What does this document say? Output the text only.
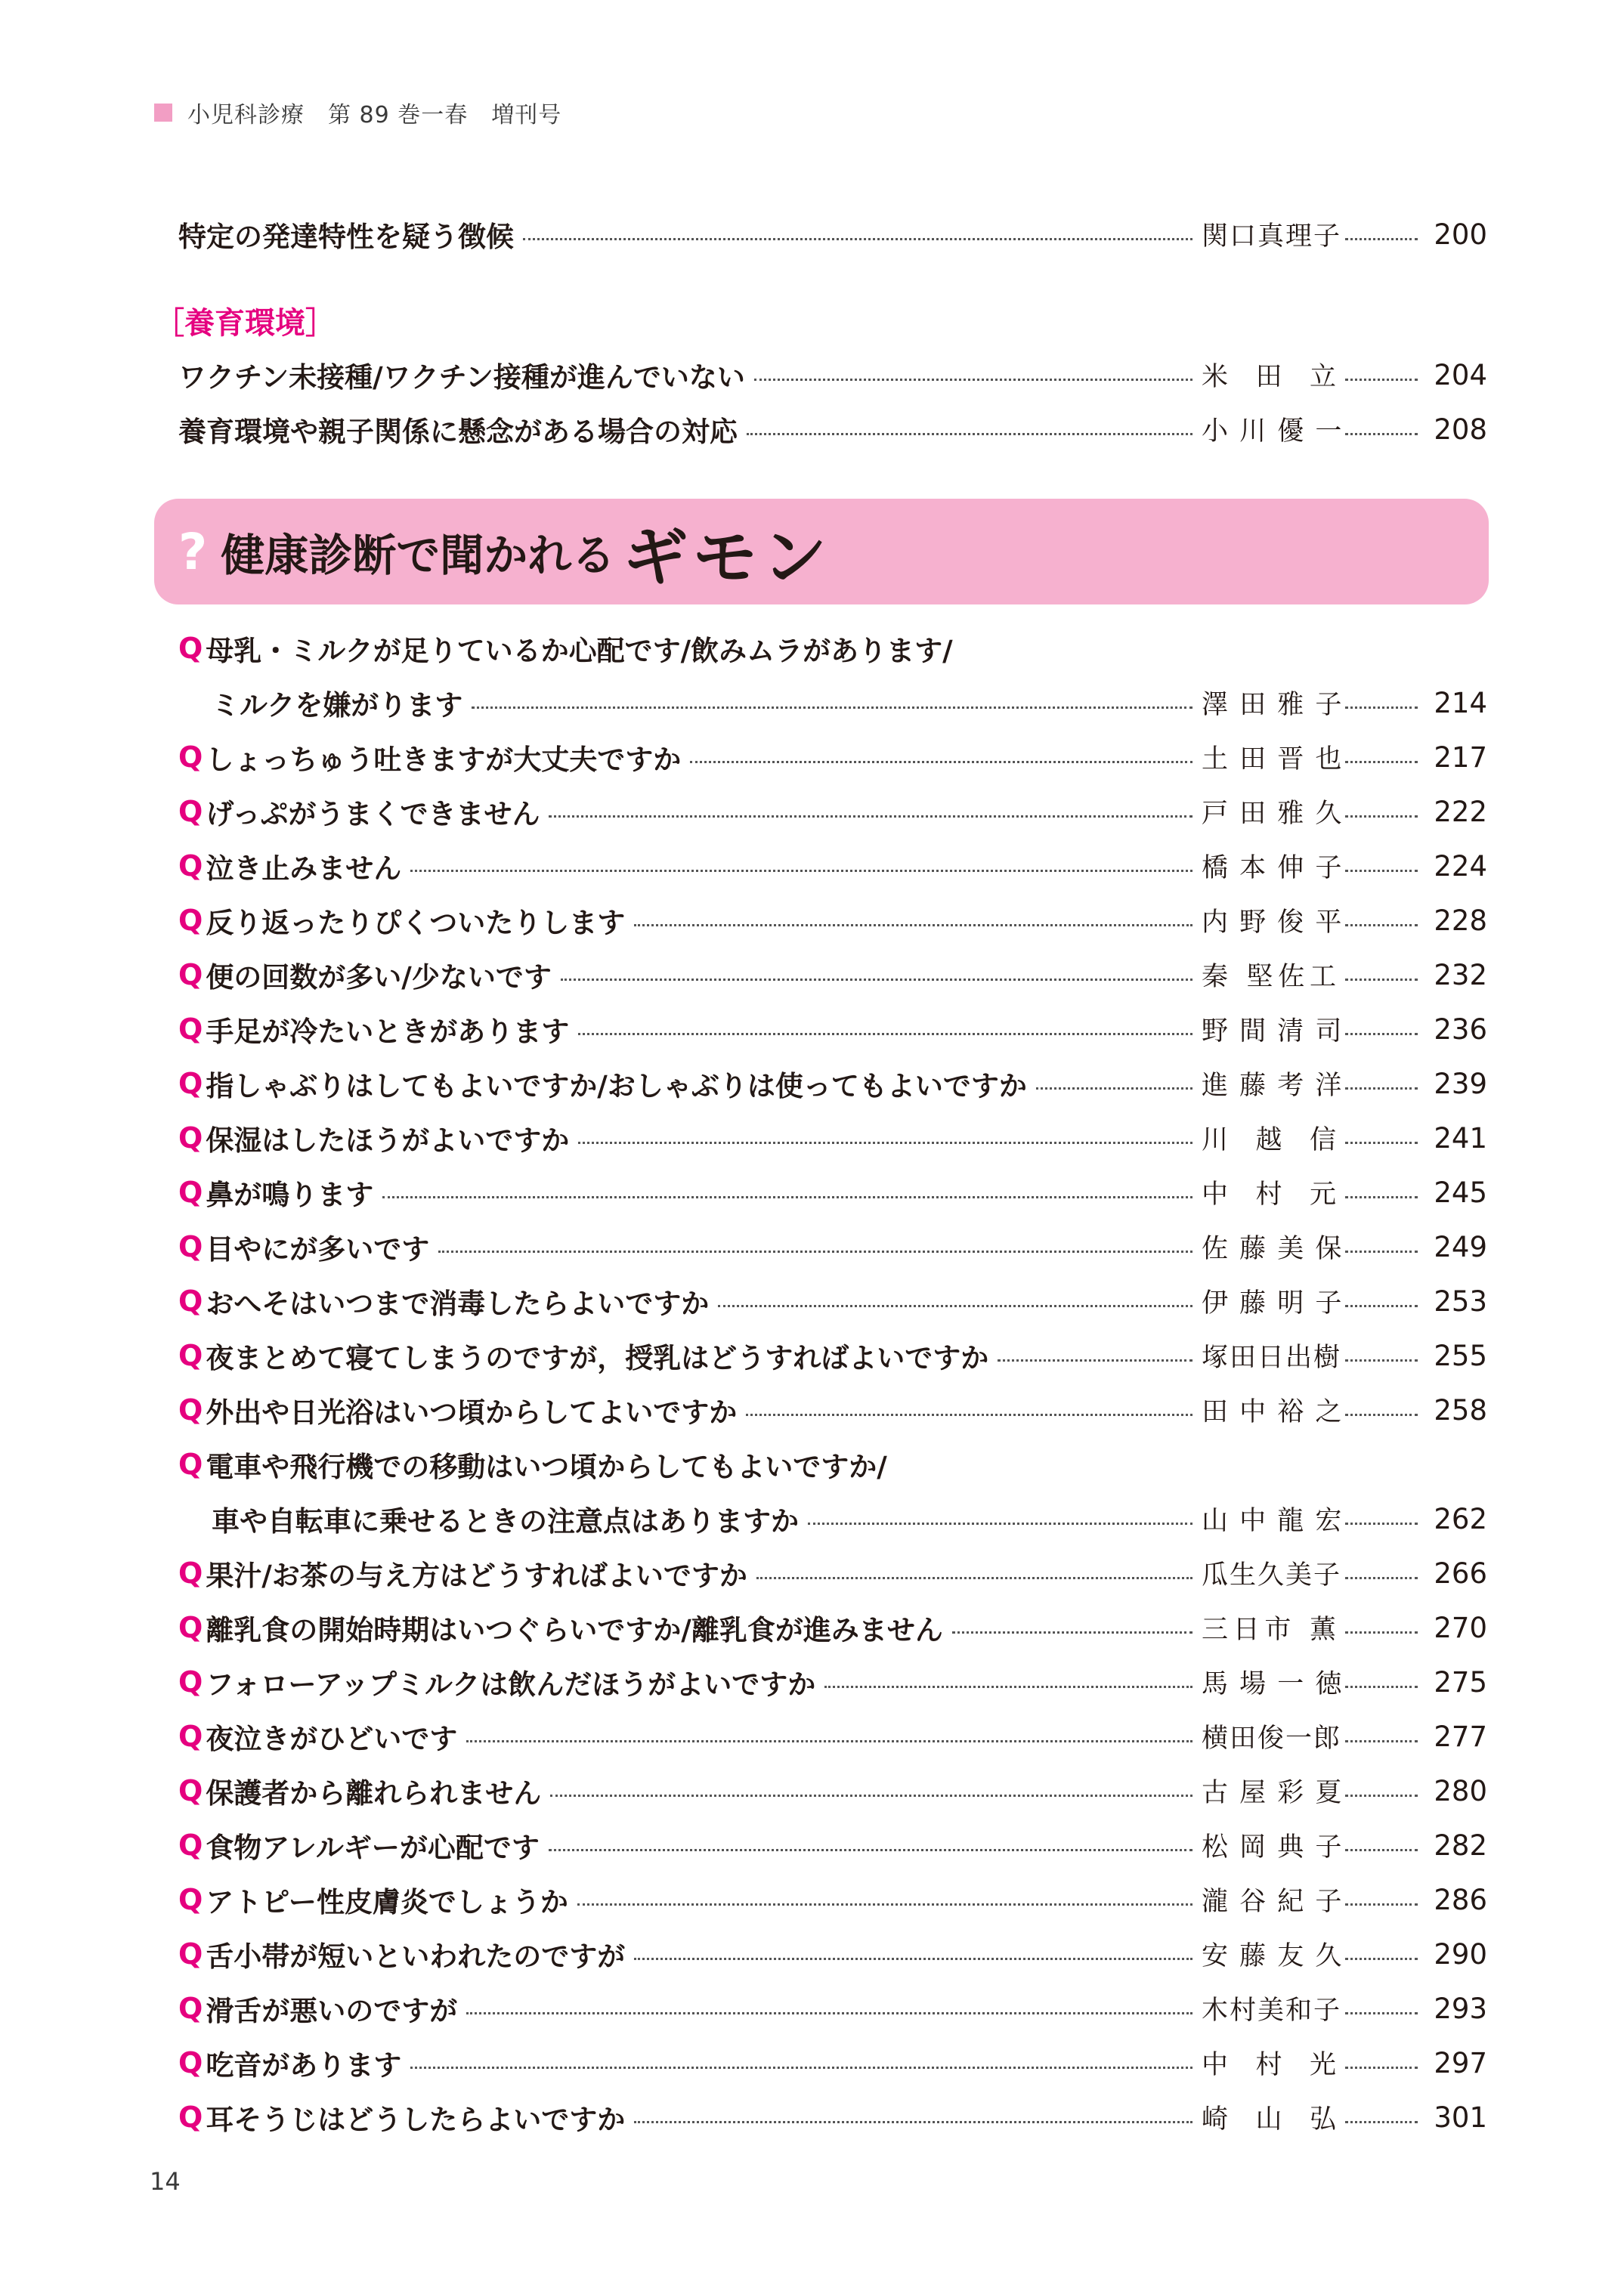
小児科診療　第 89 巻一春　増刊号
特定の発達特性を疑う徴候	関口真理子	200
［養育環境］
ワクチン未接種/ワクチン接種が進んでいない	米 田 立	204
養育環境や親子関係に懸念がある場合の対応	小 川 優 一	208
? 健康診断で聞かれる ギモン
Q 母乳・ミルクが足りているか心配です/飲みムラがあります/
ミルクを嫌がります	澤 田 雅 子	214
Q しょっちゅう吐きますが大丈夫ですか	土 田 晋 也	217
Q げっぷがうまくできません	戸 田 雅 久	222
Q 泣き止みません	橋 本 伸 子	224
Q 反り返ったりぴくついたりします	内 野 俊 平	228
Q 便の回数が多い/少ないです	秦 堅佐工	232
Q 手足が冷たいときがあります	野 間 清 司	236
Q 指しゃぶりはしてもよいですか/おしゃぶりは使ってもよいですか	進 藤 考 洋	239
Q 保湿はしたほうがよいですか	川 越 信	241
Q 鼻が鳴ります	中 村 元	245
Q 目やにが多いです	佐 藤 美 保	249
Q おへそはいつまで消毒したらよいですか	伊 藤 明 子	253
Q 夜まとめて寝てしまうのですが，授乳はどうすればよいですか	塚田日出樹	255
Q 外出や日光浴はいつ頃からしてよいですか	田 中 裕 之	258
Q 電車や飛行機での移動はいつ頃からしてもよいですか/
車や自転車に乗せるときの注意点はありますか	山 中 龍 宏	262
Q 果汁/お茶の与え方はどうすればよいですか	瓜生久美子	266
Q 離乳食の開始時期はいつぐらいですか/離乳食が進みません	三日市 薫	270
Q フォローアップミルクは飲んだほうがよいですか	馬 場 一 徳	275
Q 夜泣きがひどいです	横田俊一郎	277
Q 保護者から離れられません	古 屋 彩 夏	280
Q 食物アレルギーが心配です	松 岡 典 子	282
Q アトピー性皮膚炎でしょうか	瀧 谷 紀 子	286
Q 舌小帯が短いといわれたのですが	安 藤 友 久	290
Q 滑舌が悪いのですが	木村美和子	293
Q 吃音があります	中 村 光	297
Q 耳そうじはどうしたらよいですか	崎 山 弘	301
14
